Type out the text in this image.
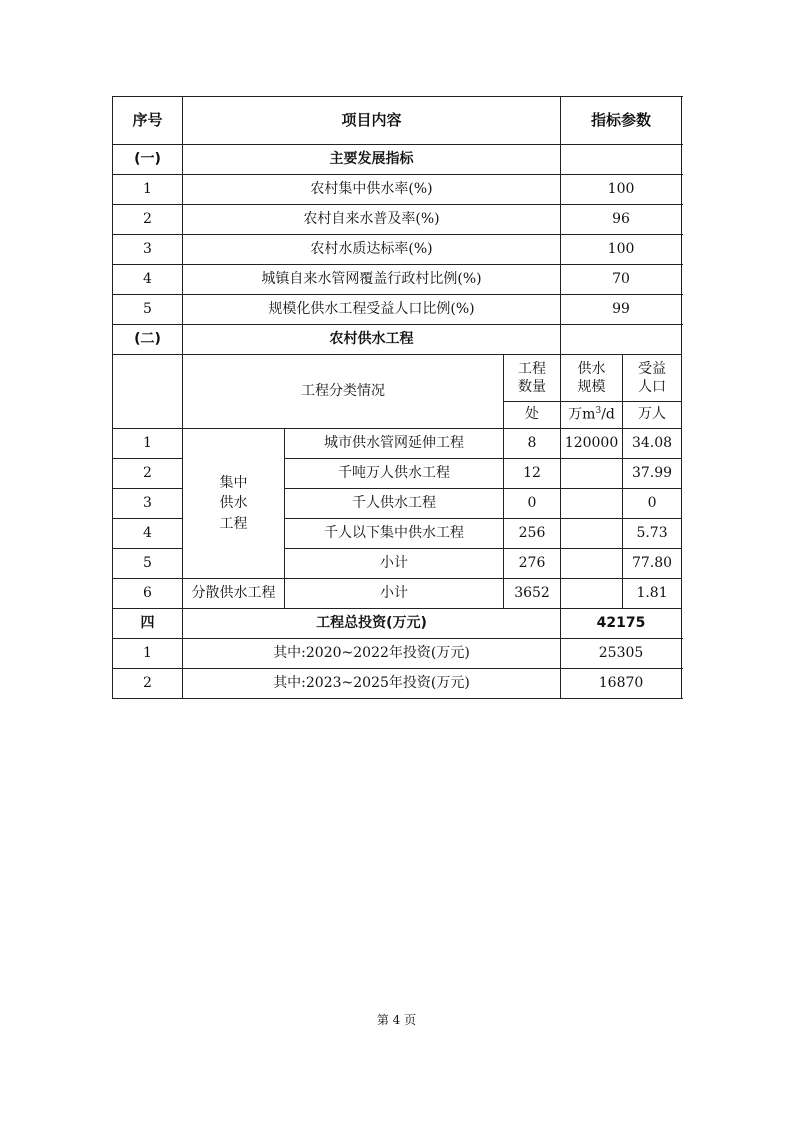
序号	项目内容			指标参数	
(一)	主要发展指标				
1	农村集中供水率(%)			100	
2	农村自来水普及率(%)			96	
3	农村水质达标率(%)			100	
4	城镇自来水管网覆盖行政村比例(%)			70	
5	规模化供水工程受益人口比例(%)			99	
(二)	农村供水工程				
	工程分类情况		工程数量	供水规模	受益人口
			处	万$m^3/d$	万人
1	集中供水工程	城市供水管网延伸工程	8	120000	34.08
2		千吨万人供水工程	12		37.99
3		千人供水工程	0		0
4		千人以下集中供水工程	256		5.73
5		小计	276		77.80
6	分散供水工程	小计	3652		1.81
四	工程总投资(万元)			42175	
1	其中:2020~2022年投资(万元)			25305	
2	其中:2023~2025年投资(万元)			16870	
第 4 页
